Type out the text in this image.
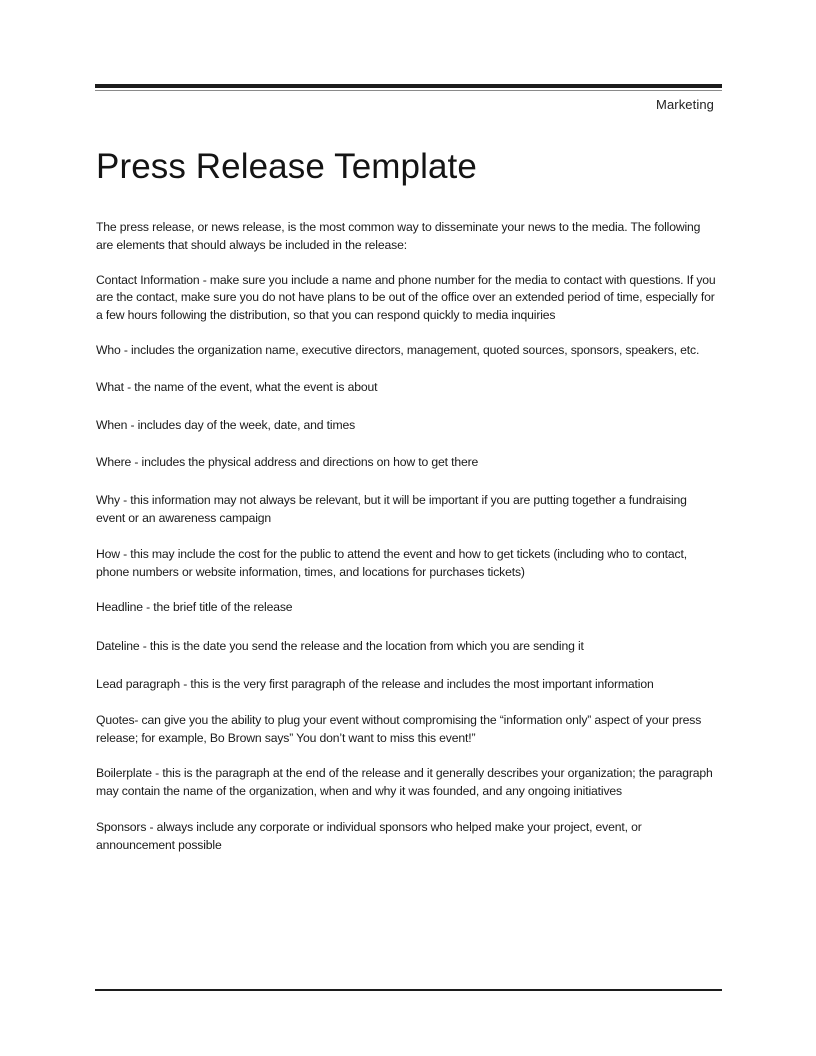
Marketing
Press Release Template

The press release, or news release, is the most common way to disseminate your news to the media. The following are elements that should always be included in the release:

Contact Information - make sure you include a name and phone number for the media to contact with questions. If you are the contact, make sure you do not have plans to be out of the office over an extended period of time, especially for a few hours following the distribution, so that you can respond quickly to media inquiries

Who - includes the organization name, executive directors, management, quoted sources, sponsors, speakers, etc.

What - the name of the event, what the event is about

When - includes day of the week, date, and times

Where - includes the physical address and directions on how to get there

Why - this information may not always be relevant, but it will be important if you are putting together a fundraising event or an awareness campaign

How - this may include the cost for the public to attend the event and how to get tickets (including who to contact, phone numbers or website information, times, and locations for purchases tickets)

Headline - the brief title of the release

Dateline - this is the date you send the release and the location from which you are sending it

Lead paragraph - this is the very first paragraph of the release and includes the most important information

Quotes- can give you the ability to plug your event without compromising the “information only” aspect of your press release; for example, Bo Brown says” You don’t want to miss this event!”

Boilerplate - this is the paragraph at the end of the release and it generally describes your organization; the paragraph may contain the name of the organization, when and why it was founded, and any ongoing initiatives

Sponsors - always include any corporate or individual sponsors who helped make your project, event, or announcement possible
